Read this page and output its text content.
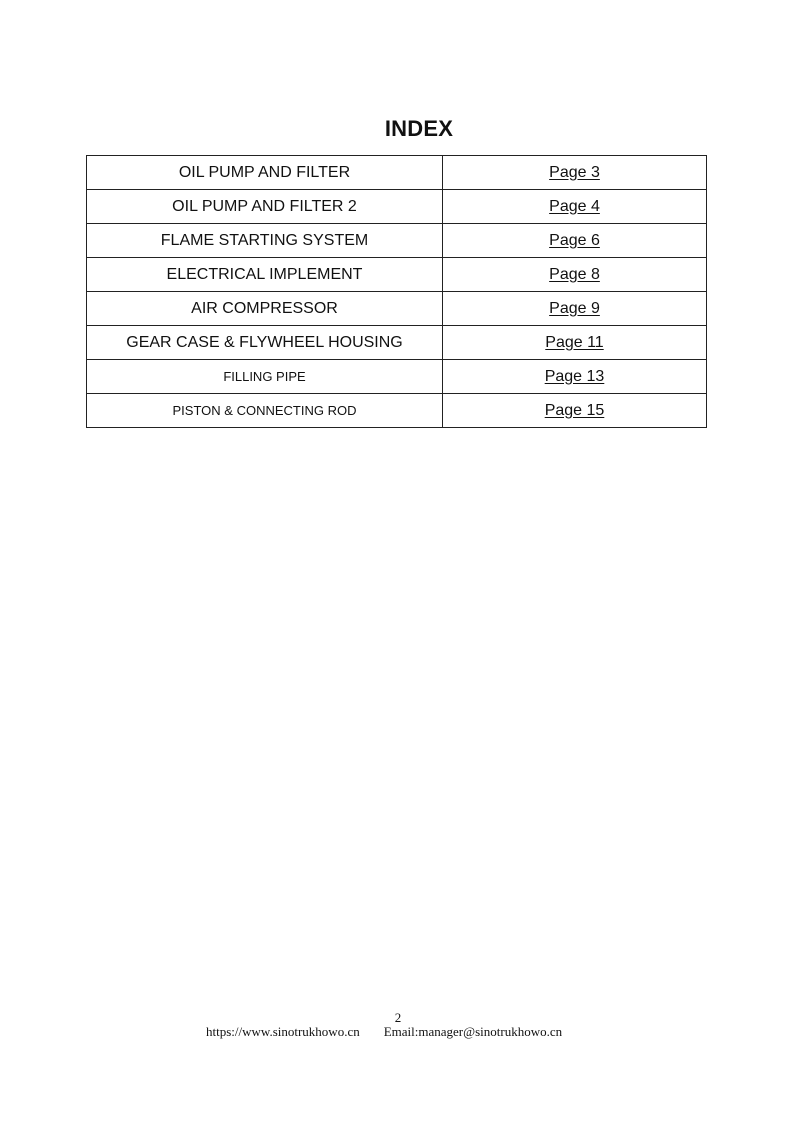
INDEX
OIL PUMP AND FILTER	Page 3
OIL PUMP AND FILTER 2	Page 4
FLAME STARTING SYSTEM	Page 6
ELECTRICAL IMPLEMENT	Page 8
AIR COMPRESSOR	Page 9
GEAR CASE & FLYWHEEL HOUSING	Page 11
FILLING PIPE	Page 13
PISTON & CONNECTING ROD	Page 15
2
https://www.sinotrukhowo.cn Email:manager@sinotrukhowo.cn
